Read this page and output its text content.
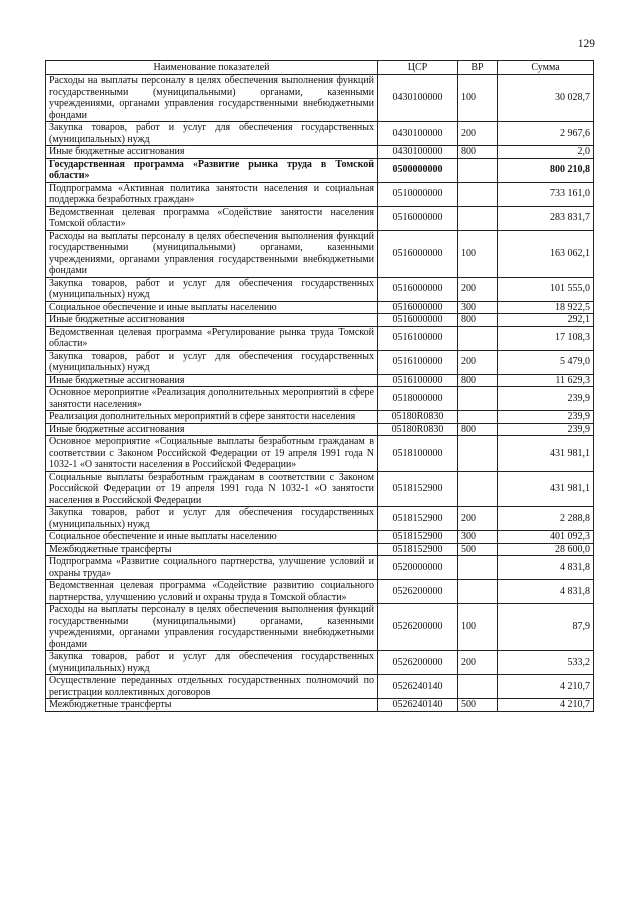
129
Наименование показателей	ЦСР	ВР	Сумма
Расходы на выплаты персоналу в целях обеспечения выполнения функций государственными (муниципальными) органами, казенными учреждениями, органами управления государственными внебюджетными фондами	0430100000	100	30 028,7
Закупка товаров, работ и услуг для обеспечения государственных (муниципальных) нужд	0430100000	200	2 967,6
Иные бюджетные ассигнования	0430100000	800	2,0
Государственная программа «Развитие рынка труда в Томской области»	0500000000		800 210,8
Подпрограмма «Активная политика занятости населения и социальная поддержка безработных граждан»	0510000000		733 161,0
Ведомственная целевая программа «Содействие занятости населения Томской области»	0516000000		283 831,7
Расходы на выплаты персоналу в целях обеспечения выполнения функций государственными (муниципальными) органами, казенными учреждениями, органами управления государственными внебюджетными фондами	0516000000	100	163 062,1
Закупка товаров, работ и услуг для обеспечения государственных (муниципальных) нужд	0516000000	200	101 555,0
Социальное обеспечение и иные выплаты населению	0516000000	300	18 922,5
Иные бюджетные ассигнования	0516000000	800	292,1
Ведомственная целевая программа «Регулирование рынка труда Томской области»	0516100000		17 108,3
Закупка товаров, работ и услуг для обеспечения государственных (муниципальных) нужд	0516100000	200	5 479,0
Иные бюджетные ассигнования	0516100000	800	11 629,3
Основное мероприятие «Реализация дополнительных мероприятий в сфере занятости населения»	0518000000		239,9
Реализация дополнительных мероприятий в сфере занятости населения	05180R0830		239,9
Иные бюджетные ассигнования	05180R0830	800	239,9
Основное мероприятие «Социальные выплаты безработным гражданам в соответствии с Законом Российской Федерации от 19 апреля 1991 года N 1032-1 «О занятости населения в Российской Федерации»	0518100000		431 981,1
Социальные выплаты безработным гражданам в соответствии с Законом Российской Федерации от 19 апреля 1991 года N 1032-1 «О занятости населения в Российской Федерации	0518152900		431 981,1
Закупка товаров, работ и услуг для обеспечения государственных (муниципальных) нужд	0518152900	200	2 288,8
Социальное обеспечение и иные выплаты населению	0518152900	300	401 092,3
Межбюджетные трансферты	0518152900	500	28 600,0
Подпрограмма «Развитие социального партнерства, улучшение условий и охраны труда»	0520000000		4 831,8
Ведомственная целевая программа «Содействие развитию социального партнерства, улучшению условий и охраны труда в Томской области»	0526200000		4 831,8
Расходы на выплаты персоналу в целях обеспечения выполнения функций государственными (муниципальными) органами, казенными учреждениями, органами управления государственными внебюджетными фондами	0526200000	100	87,9
Закупка товаров, работ и услуг для обеспечения государственных (муниципальных) нужд	0526200000	200	533,2
Осуществление переданных отдельных государственных полномочий по регистрации коллективных договоров	0526240140		4 210,7
Межбюджетные трансферты	0526240140	500	4 210,7
